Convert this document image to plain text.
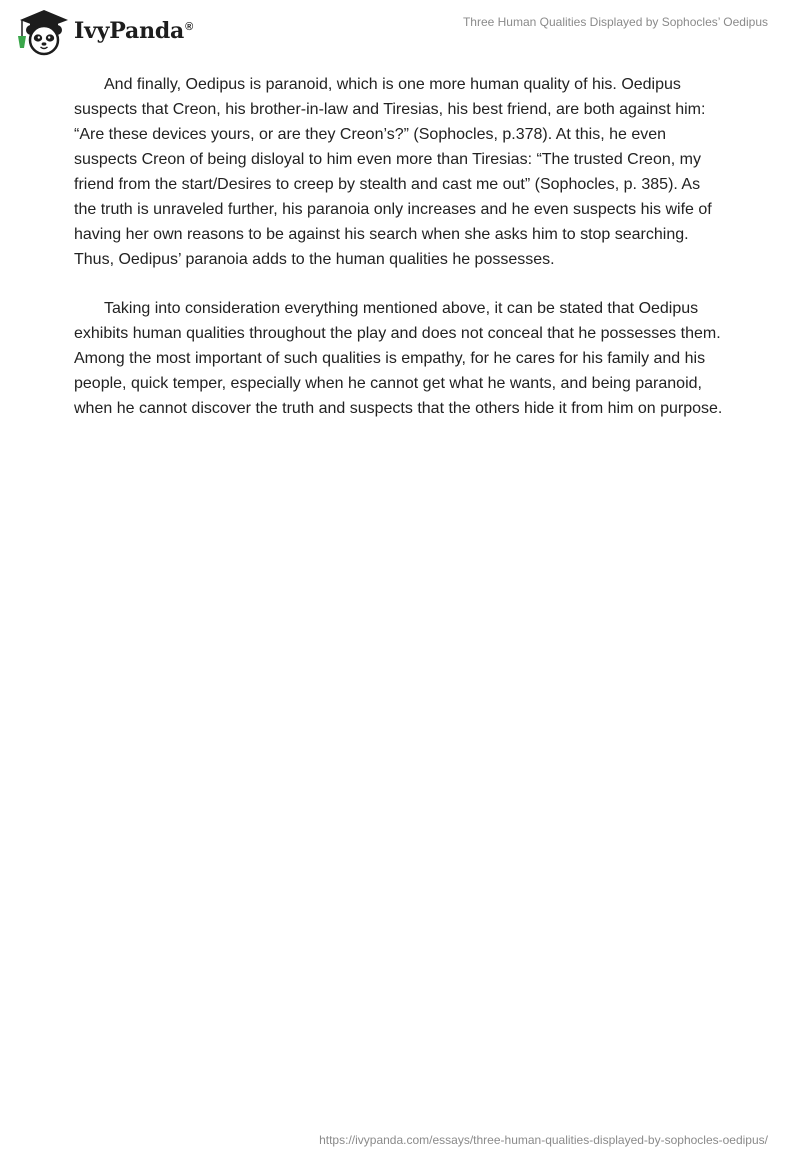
IvyPanda®	Three Human Qualities Displayed by Sophocles’ Oedipus

And finally, Oedipus is paranoid, which is one more human quality of his. Oedipus suspects that Creon, his brother-in-law and Tiresias, his best friend, are both against him: “Are these devices yours, or are they Creon’s?” (Sophocles, p.378). At this, he even suspects Creon of being disloyal to him even more than Tiresias: “The trusted Creon, my friend from the start/Desires to creep by stealth and cast me out” (Sophocles, p. 385). As the truth is unraveled further, his paranoia only increases and he even suspects his wife of having her own reasons to be against his search when she asks him to stop searching. Thus, Oedipus’ paranoia adds to the human qualities he possesses.

Taking into consideration everything mentioned above, it can be stated that Oedipus exhibits human qualities throughout the play and does not conceal that he possesses them. Among the most important of such qualities is empathy, for he cares for his family and his people, quick temper, especially when he cannot get what he wants, and being paranoid, when he cannot discover the truth and suspects that the others hide it from him on purpose.

https://ivypanda.com/essays/three-human-qualities-displayed-by-sophocles-oedipus/
